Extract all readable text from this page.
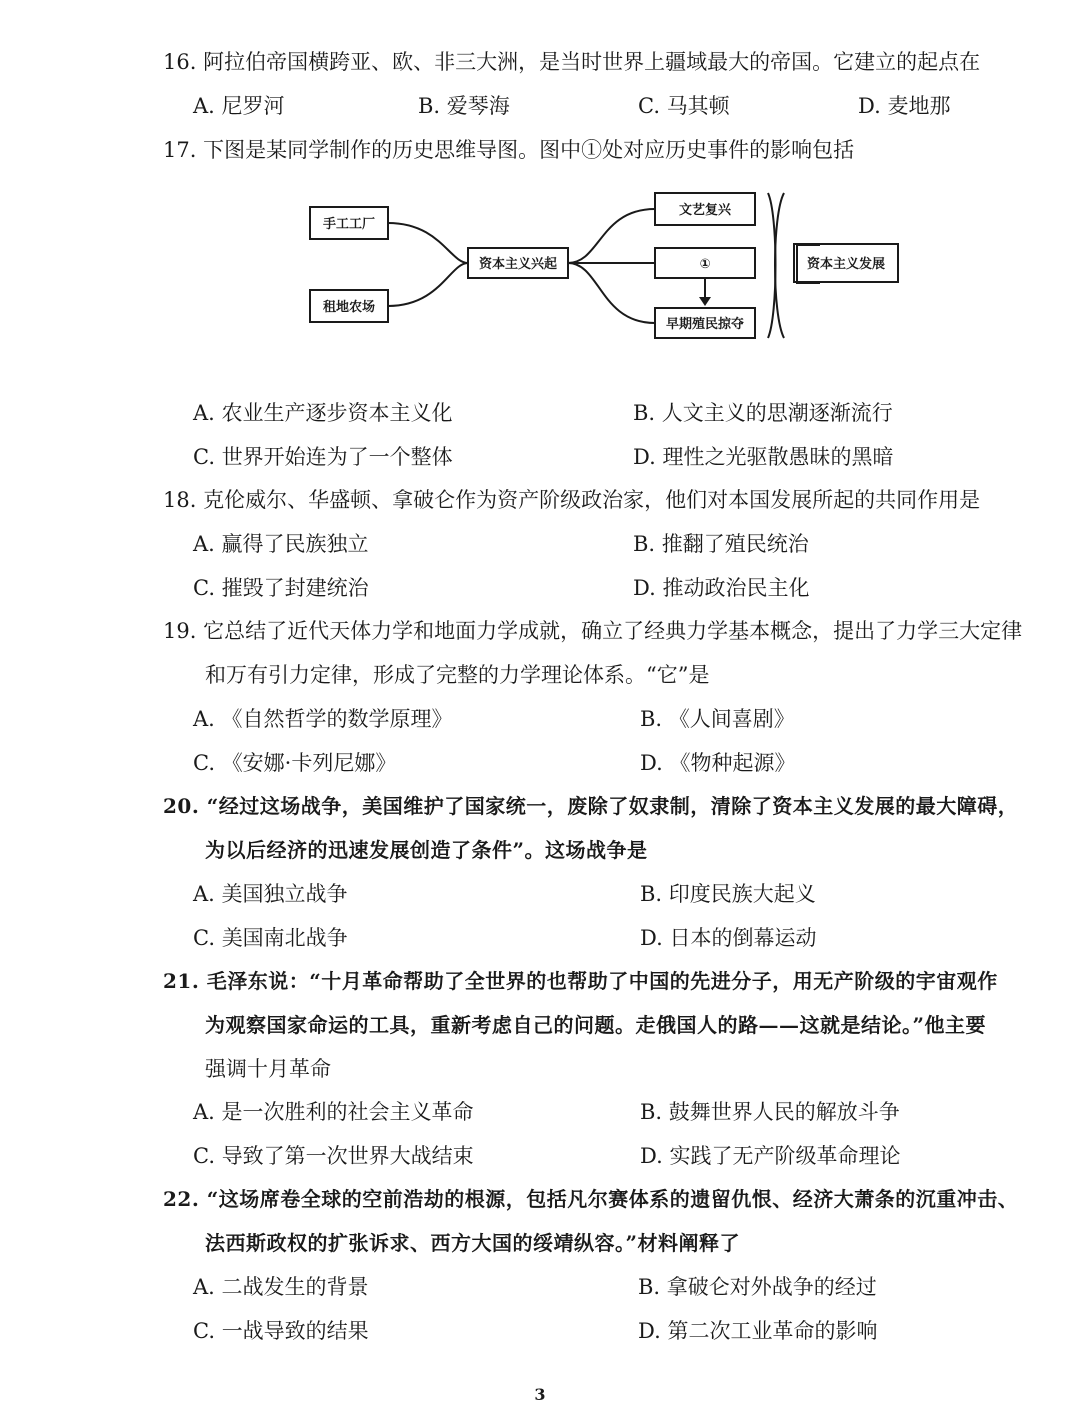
16. 阿拉伯帝国横跨亚、欧、非三大洲，是当时世界上疆域最大的帝国。它建立的起点在
A. 尼罗河	B. 爱琴海	C. 马其顿	D. 麦地那
17. 下图是某同学制作的历史思维导图。图中①处对应历史事件的影响包括
手工工厂
租地农场
资本主义兴起
文艺复兴
①
早期殖民掠夺
资本主义发展
A. 农业生产逐步资本主义化	B. 人文主义的思潮逐渐流行
C. 世界开始连为了一个整体	D. 理性之光驱散愚昧的黑暗
18. 克伦威尔、华盛顿、拿破仑作为资产阶级政治家，他们对本国发展所起的共同作用是
A. 赢得了民族独立	B. 推翻了殖民统治
C. 摧毁了封建统治	D. 推动政治民主化
19. 它总结了近代天体力学和地面力学成就，确立了经典力学基本概念，提出了力学三大定律
和万有引力定律，形成了完整的力学理论体系。“它”是
A. 《自然哲学的数学原理》	B. 《人间喜剧》
C. 《安娜·卡列尼娜》	D. 《物种起源》
20. “经过这场战争，美国维护了国家统一，废除了奴隶制，清除了资本主义发展的最大障碍，
为以后经济的迅速发展创造了条件”。这场战争是
A. 美国独立战争	B. 印度民族大起义
C. 美国南北战争	D. 日本的倒幕运动
21. 毛泽东说：“十月革命帮助了全世界的也帮助了中国的先进分子，用无产阶级的宇宙观作
为观察国家命运的工具，重新考虑自己的问题。走俄国人的路——这就是结论。”他主要
强调十月革命
A. 是一次胜利的社会主义革命	B. 鼓舞世界人民的解放斗争
C. 导致了第一次世界大战结束	D. 实践了无产阶级革命理论
22. “这场席卷全球的空前浩劫的根源，包括凡尔赛体系的遗留仇恨、经济大萧条的沉重冲击、
法西斯政权的扩张诉求、西方大国的绥靖纵容。”材料阐释了
A. 二战发生的背景	B. 拿破仑对外战争的经过
C. 一战导致的结果	D. 第二次工业革命的影响
3
